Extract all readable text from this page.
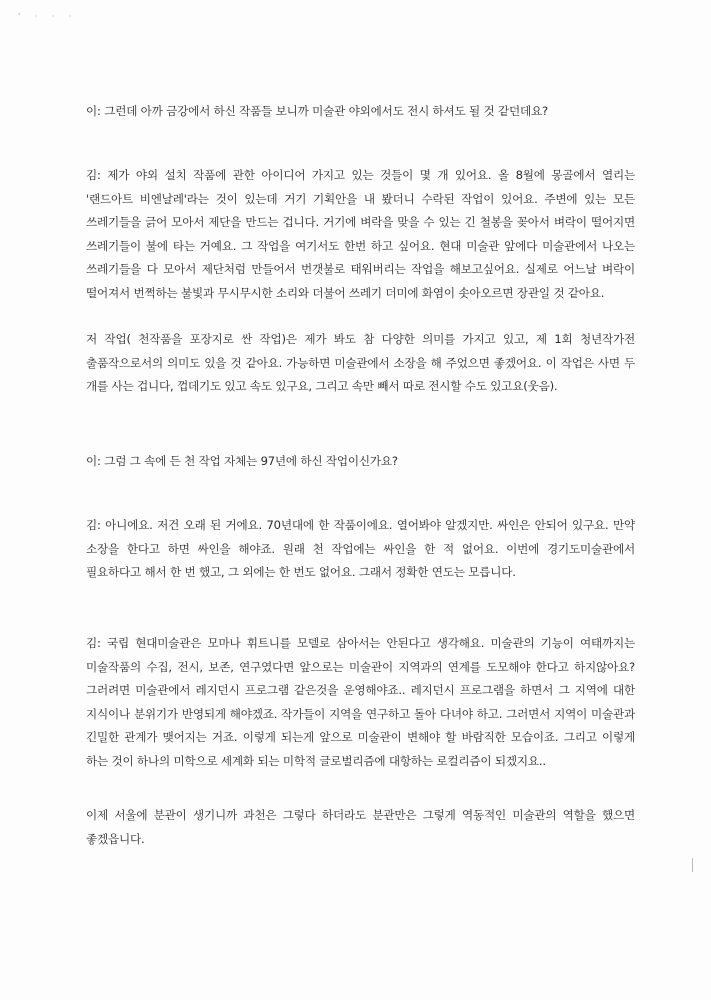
' · · ·

이: 그런데 아까 금강에서 하신 작품들 보니까 미술관 야외에서도 전시 하셔도 될 것 같던데요?

김: 제가 야외 설치 작품에 관한 아이디어 가지고 있는 것들이 몇 개 있어요. 올 8월에 몽골에서 열리는 '랜드아트 비엔날레'라는 것이 있는데 거기 기획안을 내 봤더니 수락된 작업이 있어요. 주변에 있는 모든 쓰레기들을 긁어 모아서 제단을 만드는 겁니다. 거기에 벼락을 맞을 수 있는 긴 철봉을 꽂아서 벼락이 떨어지면 쓰레기들이 불에 타는 거예요. 그 작업을 여기서도 한번 하고 싶어요. 현대 미술관 앞에다 미술관에서 나오는 쓰레기들을 다 모아서 제단처럼 만들어서 번갯불로 태워버리는 작업을 해보고싶어요. 실제로 어느날 벼락이 떨어져서 번쩍하는 불빛과 무시무시한 소리와 더불어 쓰레기 더미에 화염이 솟아오르면 장관일 것 같아요.

저 작업( 천작품을 포장지로 싼 작업)은 제가 봐도 참 다양한 의미를 가지고 있고, 제 1회 청년작가전 출품작으로서의 의미도 있을 것 같아요. 가능하면 미술관에서 소장을 해 주었으면 좋겠어요. 이 작업은 사면 두 개를 사는 겁니다, 껍데기도 있고 속도 있구요, 그리고 속만 빼서 따로 전시할 수도 있고요(웃음).

이: 그럼 그 속에 든 천 작업 자체는 97년에 하신 작업이신가요?

김: 아니에요. 저건 오래 된 거에요. 70년대에 한 작품이에요. 열어봐야 알겠지만. 싸인은 안되어 있구요. 만약 소장을 한다고 하면 싸인을 해야죠. 원래 천 작업에는 싸인을 한 적 없어요. 이번에 경기도미술관에서 필요하다고 해서 한 번 했고, 그 외에는 한 번도 없어요. 그래서 정확한 연도는 모릅니다.

김: 국립 현대미술관은 모마나 휘트니를 모델로 삼아서는 안된다고 생각해요. 미술관의 기능이 여태까지는 미술작품의 수집, 전시, 보존, 연구였다면 앞으로는 미술관이 지역과의 연계를 도모해야 한다고 하지않아요? 그러려면 미술관에서 레지던시 프로그램 같은것을 운영해야죠.. 레지던시 프로그램을 하면서 그 지역에 대한 지식이나 분위기가 반영되게 해야겠죠. 작가들이 지역을 연구하고 돌아 다녀야 하고. 그러면서 지역이 미술관과 긴밀한 관계가 맺어지는 거죠. 이렇게 되는게 앞으로 미술관이 변해야 할 바람직한 모습이죠. 그리고 이렇게 하는 것이 하나의 미학으로 세계화 되는 미학적 글로벌리즘에 대항하는 로컬리즘이 되겠지요..

이제 서울에 분관이 생기니까 과천은 그렇다 하더라도 분관만은 그렇게 역동적인 미술관의 역할을 했으면 좋겠읍니다.
